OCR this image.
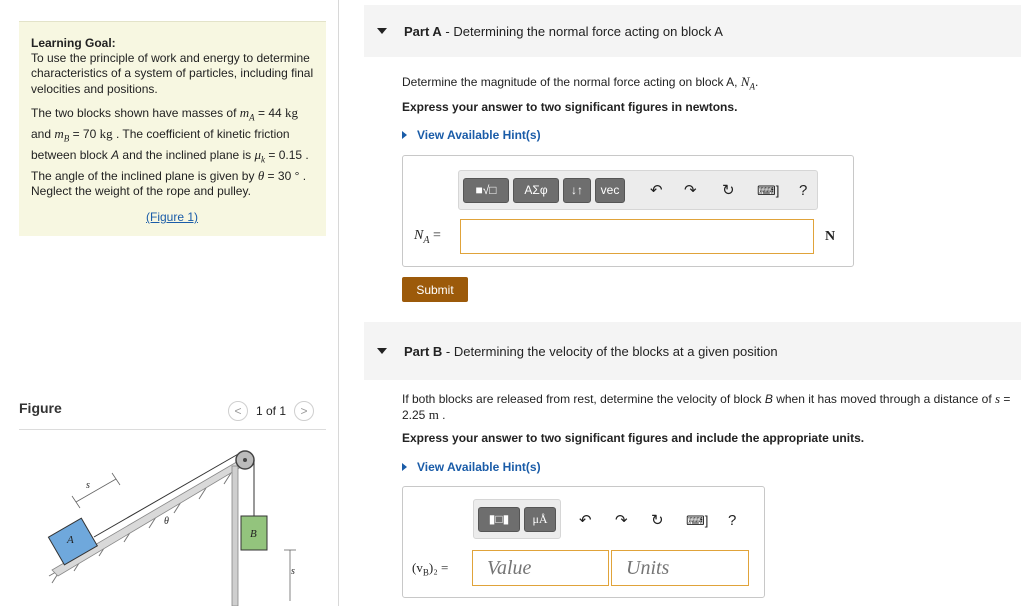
Learning Goal:
To use the principle of work and energy to determine characteristics of a system of particles, including final velocities and positions.
The two blocks shown have masses of $m_A = 44$ kg and $m_B = 70$ kg . The coefficient of kinetic friction between block A and the inclined plane is $\mu_k = 0.15$ . The angle of the inclined plane is given by θ = 30 ° . Neglect the weight of the rope and pulley.
(Figure 1)
Figure	<	1 of 1	>
A	B
s
θ
s
Part A - Determining the normal force acting on block A
Determine the magnitude of the normal force acting on block A, $N_A$.
Express your answer to two significant figures in newtons.
View Available Hint(s)
■√□	ΑΣφ	↓↑	vec	↶ ↷ ↻ ⌨] ?
$N_A$ =	N
Submit
Part B - Determining the velocity of the blocks at a given position
If both blocks are released from rest, determine the velocity of block B when it has moved through a distance of s = 2.25 m .
Express your answer to two significant figures and include the appropriate units.
View Available Hint(s)
▮□▮	μÅ	↶ ↷ ↻ ⌨] ?
$(v_B)_2$ =
Value
Units
